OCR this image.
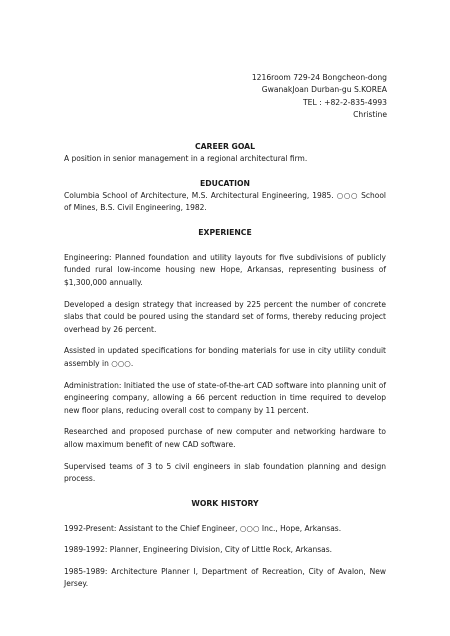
1216room 729-24 Bongcheon-dong
GwanakJoan Durban-gu S.KOREA
TEL : +82-2-835-4993
Christine
CAREER GOAL

A position in senior management in a regional architectural firm.

EDUCATION

Columbia School of Architecture, M.S. Architectural Engineering, 1985. ○○○ School of Mines, B.S. Civil Engineering, 1982.

EXPERIENCE

Engineering: Planned foundation and utility layouts for five subdivisions of publicly funded rural low-income housing new Hope, Arkansas, representing business of $1,300,000 annually.

Developed a design strategy that increased by 225 percent the number of concrete slabs that could be poured using the standard set of forms, thereby reducing project overhead by 26 percent.

Assisted in updated specifications for bonding materials for use in city utility conduit assembly in ○○○.

Administration: Initiated the use of state-of-the-art CAD software into planning unit of engineering company, allowing a 66 percent reduction in time required to develop new floor plans, reducing overall cost to company by 11 percent.

Researched and proposed purchase of new computer and networking hardware to allow maximum benefit of new CAD software.

Supervised teams of 3 to 5 civil engineers in slab foundation planning and design process.

WORK HISTORY

1992-Present: Assistant to the Chief Engineer, ○○○ Inc., Hope, Arkansas.

1989-1992: Planner, Engineering Division, City of Little Rock, Arkansas.

1985-1989: Architecture Planner I, Department of Recreation, City of Avalon, New Jersey.
